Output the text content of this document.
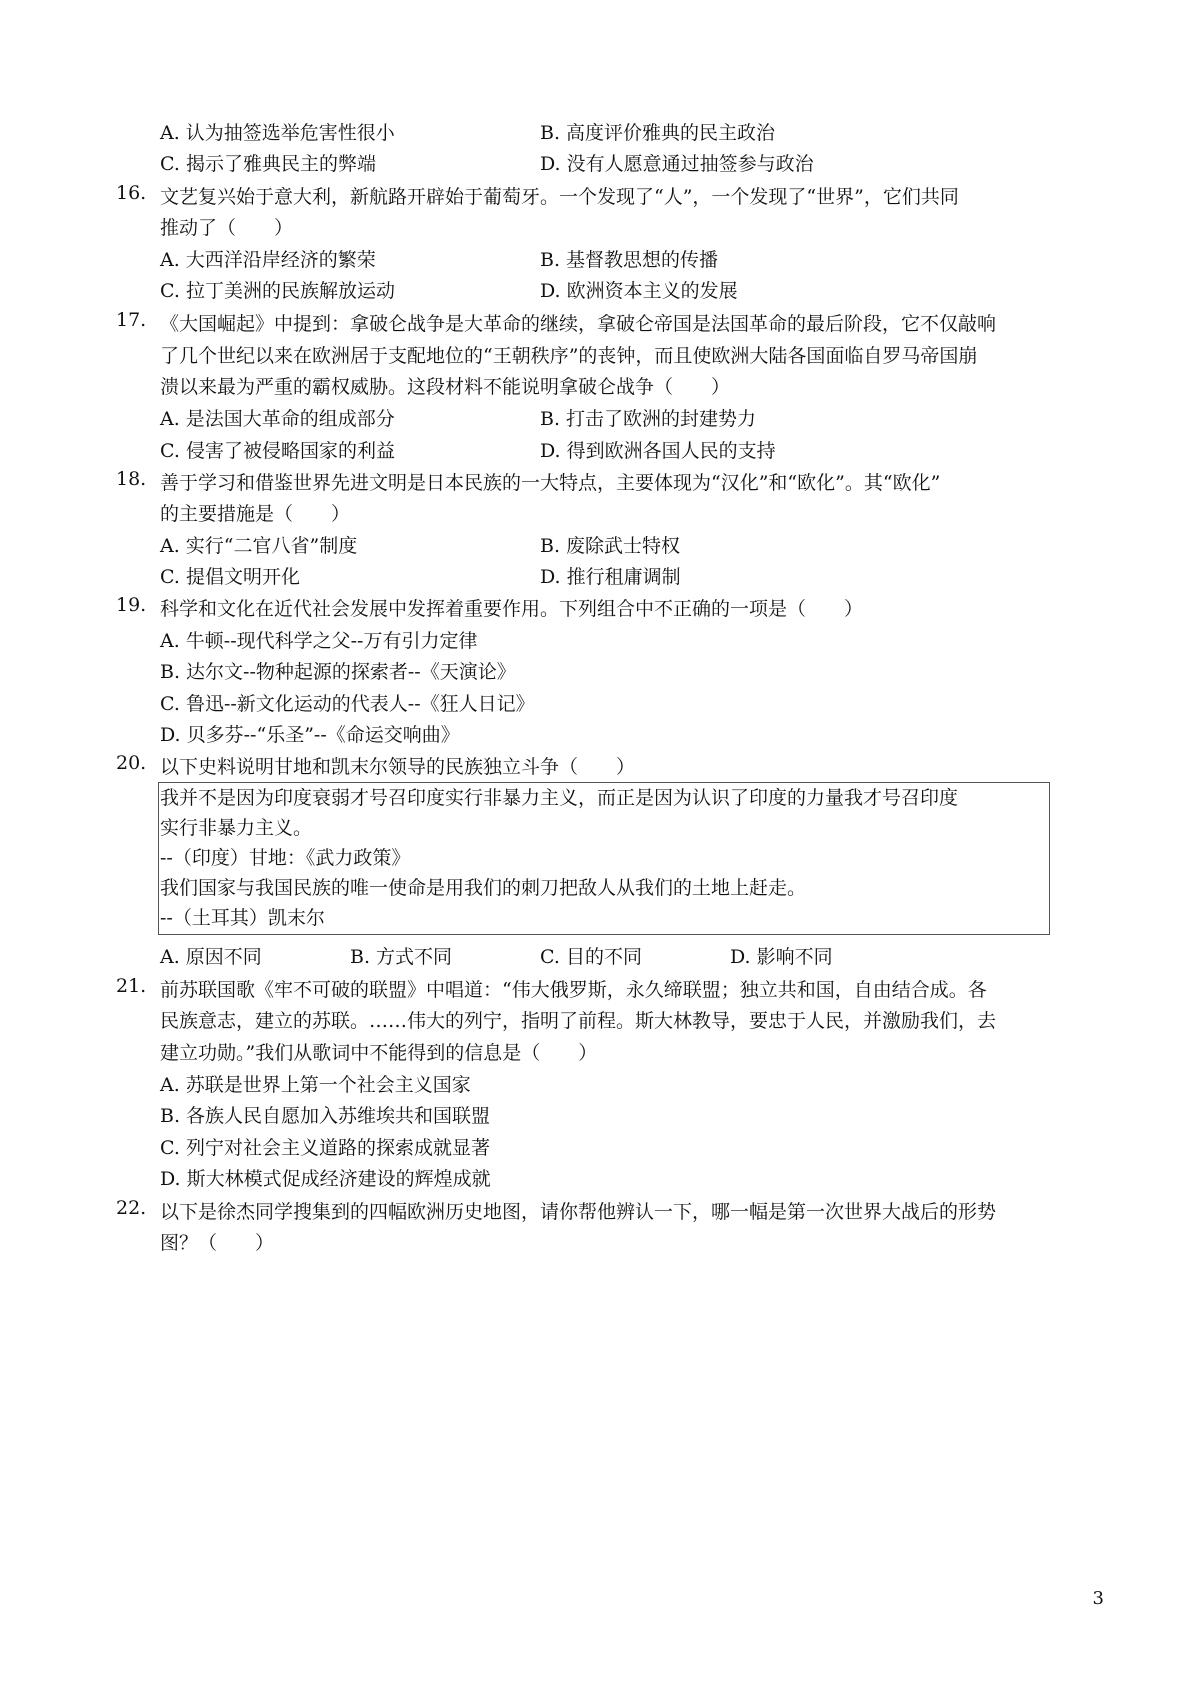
A. 认为抽签选举危害性很小	B. 高度评价雅典的民主政治
C. 揭示了雅典民主的弊端	D. 没有人愿意通过抽签参与政治
16. 文艺复兴始于意大利，新航路开辟始于葡萄牙。一个发现了“人”，一个发现了“世界”，它们共同
推动了（　　）
A. 大西洋沿岸经济的繁荣	B. 基督教思想的传播
C. 拉丁美洲的民族解放运动	D. 欧洲资本主义的发展
17. 《大国崛起》中提到：拿破仑战争是大革命的继续，拿破仑帝国是法国革命的最后阶段，它不仅敲响
了几个世纪以来在欧洲居于支配地位的“王朝秩序”的丧钟，而且使欧洲大陆各国面临自罗马帝国崩
溃以来最为严重的霸权威胁。这段材料不能说明拿破仑战争（　　）
A. 是法国大革命的组成部分	B. 打击了欧洲的封建势力
C. 侵害了被侵略国家的利益	D. 得到欧洲各国人民的支持
18. 善于学习和借鉴世界先进文明是日本民族的一大特点，主要体现为“汉化”和“欧化”。其“欧化”
的主要措施是（　　）
A. 实行“二官八省”制度	B. 废除武士特权
C. 提倡文明开化	D. 推行租庸调制
19. 科学和文化在近代社会发展中发挥着重要作用。下列组合中不正确的一项是（　　）
A. 牛顿--现代科学之父--万有引力定律
B. 达尔文--物种起源的探索者--《天演论》
C. 鲁迅--新文化运动的代表人--《狂人日记》
D. 贝多芬--“乐圣”--《命运交响曲》
20. 以下史料说明甘地和凯末尔领导的民族独立斗争（　　）
我并不是因为印度衰弱才号召印度实行非暴力主义，而正是因为认识了印度的力量我才号召印度
实行非暴力主义。
--（印度）甘地：《武力政策》
我们国家与我国民族的唯一使命是用我们的刺刀把敌人从我们的土地上赶走。
--（土耳其）凯末尔
A. 原因不同	B. 方式不同	C. 目的不同	D. 影响不同
21. 前苏联国歌《牢不可破的联盟》中唱道：“伟大俄罗斯，永久缔联盟；独立共和国，自由结合成。各
民族意志，建立的苏联。……伟大的列宁，指明了前程。斯大林教导，要忠于人民，并激励我们，去
建立功勋。”我们从歌词中不能得到的信息是（　　）
A. 苏联是世界上第一个社会主义国家
B. 各族人民自愿加入苏维埃共和国联盟
C. 列宁对社会主义道路的探索成就显著
D. 斯大林模式促成经济建设的辉煌成就
22. 以下是徐杰同学搜集到的四幅欧洲历史地图，请你帮他辨认一下，哪一幅是第一次世界大战后的形势
图？（　　）
3
